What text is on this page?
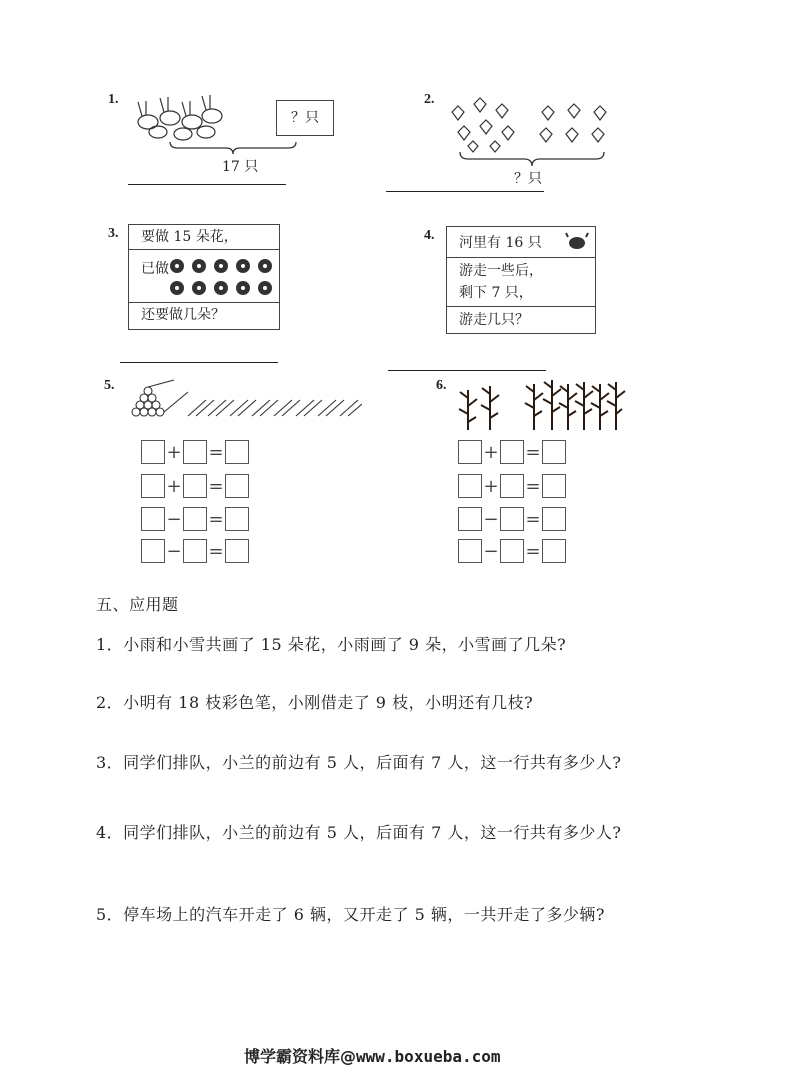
1.
？只
17 只
2.
？只
3.	要做 15 朵花，
已做
还要做几朵？
4.	河里有 16 只
游走一些后，
剩下 7 只，
游走几只？
5.
+ =
+ =
− =
− =
6.
+ =
+ =
− =
− =
五、应用题
1．小雨和小雪共画了 15 朵花，小雨画了 9 朵，小雪画了几朵?
2．小明有 18 枝彩色笔，小刚借走了 9 枝，小明还有几枝?
3．同学们排队，小兰的前边有 5 人，后面有 7 人，这一行共有多少人?
4．同学们排队，小兰的前边有 5 人，后面有 7 人，这一行共有多少人?
5．停车场上的汽车开走了 6 辆，又开走了 5 辆，一共开走了多少辆?
博学霸资料库@www.boxueba.com
